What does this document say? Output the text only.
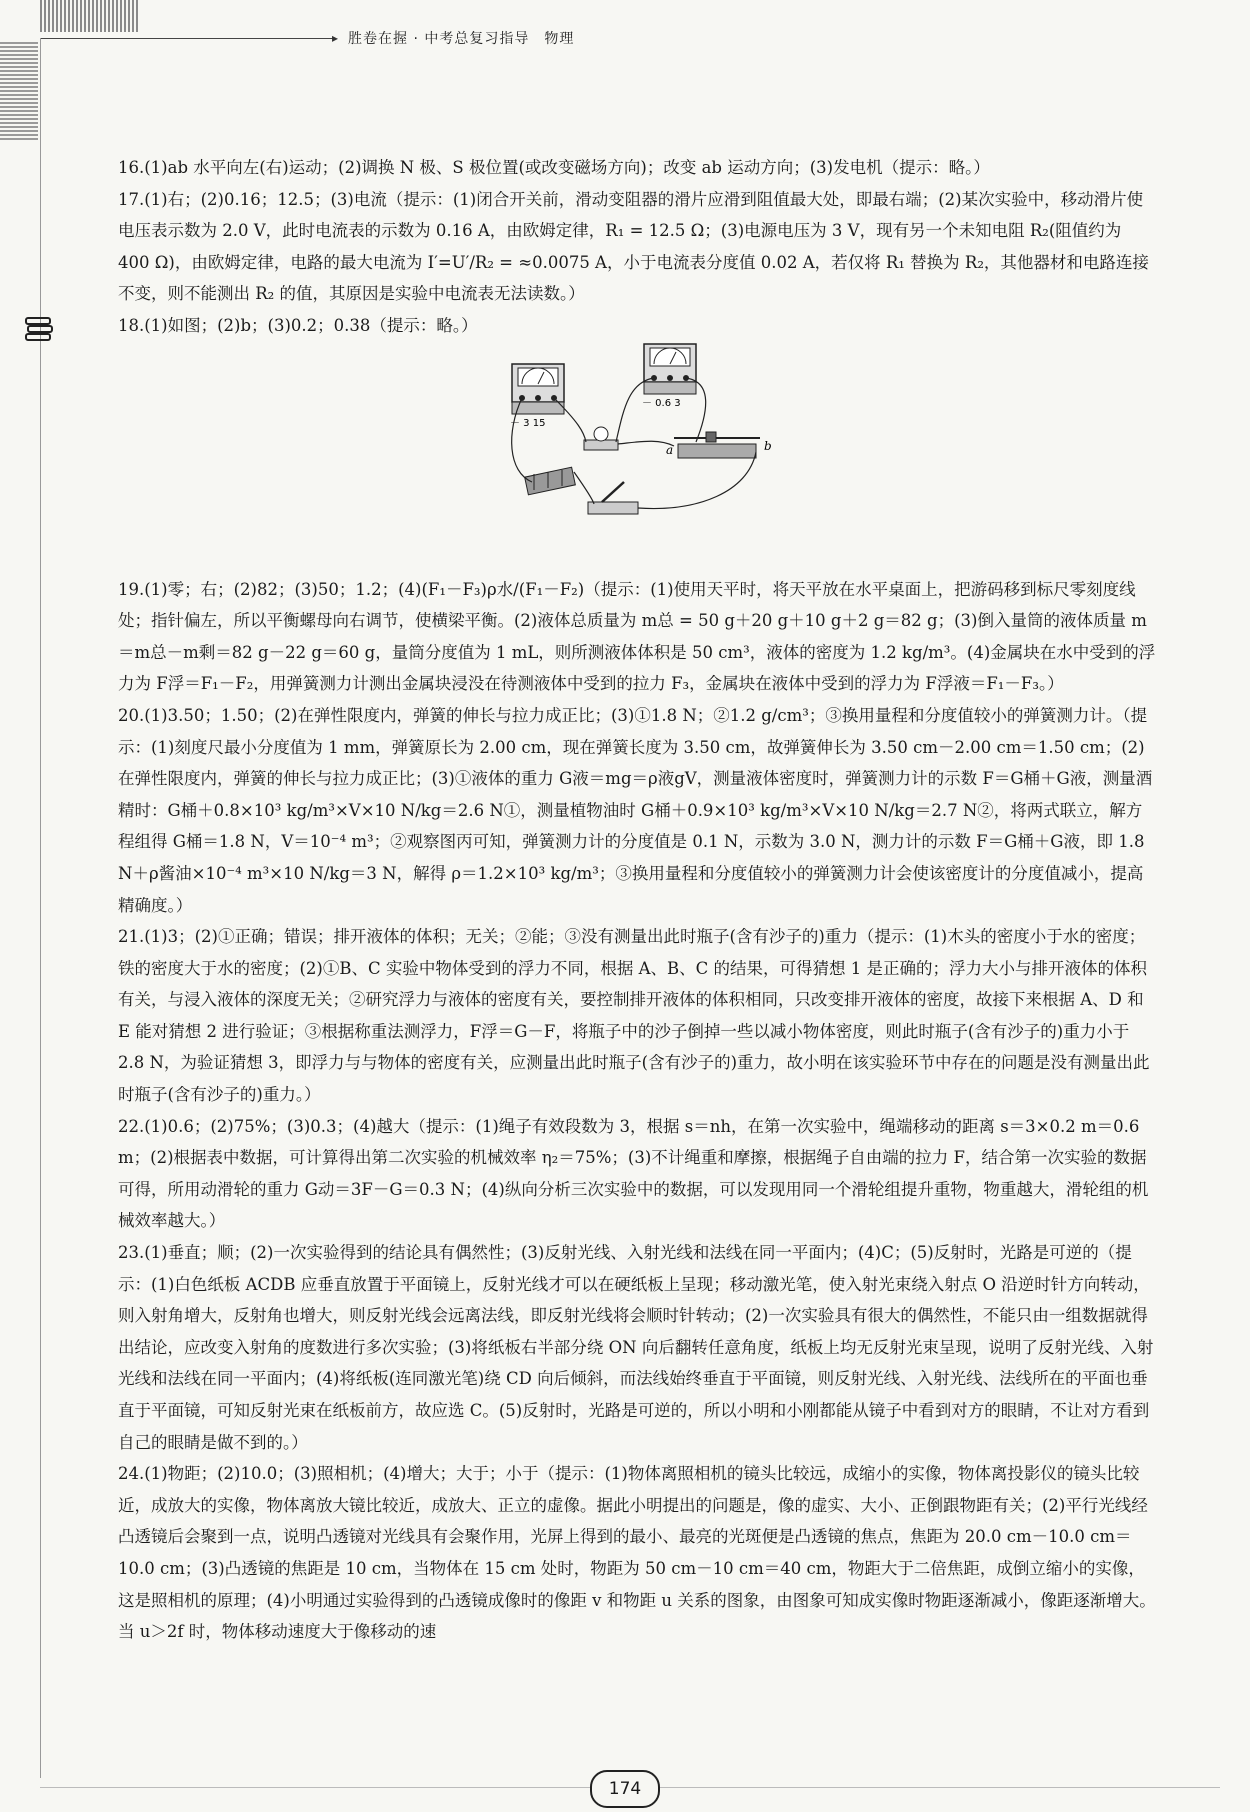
▸ 胜卷在握 · 中考总复习指导　物理

16.(1)ab 水平向左(右)运动；(2)调换 N 极、S 极位置(或改变磁场方向)；改变 ab 运动方向；(3)发电机（提示：略。）

17.(1)右；(2)0.16；12.5；(3)电流（提示：(1)闭合开关前，滑动变阻器的滑片应滑到阻值最大处，即最右端；(2)某次实验中，移动滑片使电压表示数为 2.0 V，此时电流表的示数为 0.16 A，由欧姆定律，R₁ = 12.5 Ω；(3)电源电压为 3 V，现有另一个未知电阻 R₂(阻值约为 400 Ω)，由欧姆定律，电路的最大电流为 I′=U′/R₂ = ≈0.0075 A，小于电流表分度值 0.02 A，若仅将 R₁ 替换为 R₂，其他器材和电路连接不变，则不能测出 R₂ 的值，其原因是实验中电流表无法读数。）

18.(1)如图；(2)b；(3)0.2；0.38（提示：略。）

－ 3 15
－ 0.6 3
a	b

19.(1)零；右；(2)82；(3)50；1.2；(4)(F₁－F₃)ρ水/(F₁－F₂)（提示：(1)使用天平时，将天平放在水平桌面上，把游码移到标尺零刻度线处；指针偏左，所以平衡螺母向右调节，使横梁平衡。(2)液体总质量为 m总 = 50 g＋20 g＋10 g＋2 g＝82 g；(3)倒入量筒的液体质量 m＝m总－m剩＝82 g－22 g＝60 g，量筒分度值为 1 mL，则所测液体体积是 50 cm³，液体的密度为 1.2 kg/m³。(4)金属块在水中受到的浮力为 F浮＝F₁－F₂，用弹簧测力计测出金属块浸没在待测液体中受到的拉力 F₃，金属块在液体中受到的浮力为 F浮液＝F₁－F₃。）

20.(1)3.50；1.50；(2)在弹性限度内，弹簧的伸长与拉力成正比；(3)①1.8 N；②1.2 g/cm³；③换用量程和分度值较小的弹簧测力计。（提示：(1)刻度尺最小分度值为 1 mm，弹簧原长为 2.00 cm，现在弹簧长度为 3.50 cm，故弹簧伸长为 3.50 cm－2.00 cm＝1.50 cm；(2)在弹性限度内，弹簧的伸长与拉力成正比；(3)①液体的重力 G液＝mg＝ρ液gV，测量液体密度时，弹簧测力计的示数 F＝G桶＋G液，测量酒精时：G桶＋0.8×10³ kg/m³×V×10 N/kg＝2.6 N①，测量植物油时 G桶＋0.9×10³ kg/m³×V×10 N/kg＝2.7 N②，将两式联立，解方程组得 G桶＝1.8 N，V＝10⁻⁴ m³；②观察图丙可知，弹簧测力计的分度值是 0.1 N，示数为 3.0 N，测力计的示数 F＝G桶＋G液，即 1.8 N＋ρ酱油×10⁻⁴ m³×10 N/kg＝3 N，解得 ρ＝1.2×10³ kg/m³；③换用量程和分度值较小的弹簧测力计会使该密度计的分度值减小，提高精确度。）

21.(1)3；(2)①正确；错误；排开液体的体积；无关；②能；③没有测量出此时瓶子(含有沙子的)重力（提示：(1)木头的密度小于水的密度；铁的密度大于水的密度；(2)①B、C 实验中物体受到的浮力不同，根据 A、B、C 的结果，可得猜想 1 是正确的；浮力大小与排开液体的体积有关，与浸入液体的深度无关；②研究浮力与液体的密度有关，要控制排开液体的体积相同，只改变排开液体的密度，故接下来根据 A、D 和 E 能对猜想 2 进行验证；③根据称重法测浮力，F浮＝G－F，将瓶子中的沙子倒掉一些以减小物体密度，则此时瓶子(含有沙子的)重力小于 2.8 N，为验证猜想 3，即浮力与与物体的密度有关，应测量出此时瓶子(含有沙子的)重力，故小明在该实验环节中存在的问题是没有测量出此时瓶子(含有沙子的)重力。）

22.(1)0.6；(2)75%；(3)0.3；(4)越大（提示：(1)绳子有效段数为 3，根据 s＝nh，在第一次实验中，绳端移动的距离 s＝3×0.2 m＝0.6 m；(2)根据表中数据，可计算得出第二次实验的机械效率 η₂＝75%；(3)不计绳重和摩擦，根据绳子自由端的拉力 F，结合第一次实验的数据可得，所用动滑轮的重力 G动＝3F－G＝0.3 N；(4)纵向分析三次实验中的数据，可以发现用同一个滑轮组提升重物，物重越大，滑轮组的机械效率越大。）

23.(1)垂直；顺；(2)一次实验得到的结论具有偶然性；(3)反射光线、入射光线和法线在同一平面内；(4)C；(5)反射时，光路是可逆的（提示：(1)白色纸板 ACDB 应垂直放置于平面镜上，反射光线才可以在硬纸板上呈现；移动激光笔，使入射光束绕入射点 O 沿逆时针方向转动，则入射角增大，反射角也增大，则反射光线会远离法线，即反射光线将会顺时针转动；(2)一次实验具有很大的偶然性，不能只由一组数据就得出结论，应改变入射角的度数进行多次实验；(3)将纸板右半部分绕 ON 向后翻转任意角度，纸板上均无反射光束呈现，说明了反射光线、入射光线和法线在同一平面内；(4)将纸板(连同激光笔)绕 CD 向后倾斜，而法线始终垂直于平面镜，则反射光线、入射光线、法线所在的平面也垂直于平面镜，可知反射光束在纸板前方，故应选 C。(5)反射时，光路是可逆的，所以小明和小刚都能从镜子中看到对方的眼睛，不让对方看到自己的眼睛是做不到的。）

24.(1)物距；(2)10.0；(3)照相机；(4)增大；大于；小于（提示：(1)物体离照相机的镜头比较远，成缩小的实像，物体离投影仪的镜头比较近，成放大的实像，物体离放大镜比较近，成放大、正立的虚像。据此小明提出的问题是，像的虚实、大小、正倒跟物距有关；(2)平行光线经凸透镜后会聚到一点，说明凸透镜对光线具有会聚作用，光屏上得到的最小、最亮的光斑便是凸透镜的焦点，焦距为 20.0 cm－10.0 cm＝10.0 cm；(3)凸透镜的焦距是 10 cm，当物体在 15 cm 处时，物距为 50 cm－10 cm＝40 cm，物距大于二倍焦距，成倒立缩小的实像，这是照相机的原理；(4)小明通过实验得到的凸透镜成像时的像距 v 和物距 u 关系的图象，由图象可知成实像时物距逐渐减小，像距逐渐增大。当 u＞2f 时，物体移动速度大于像移动的速

174
